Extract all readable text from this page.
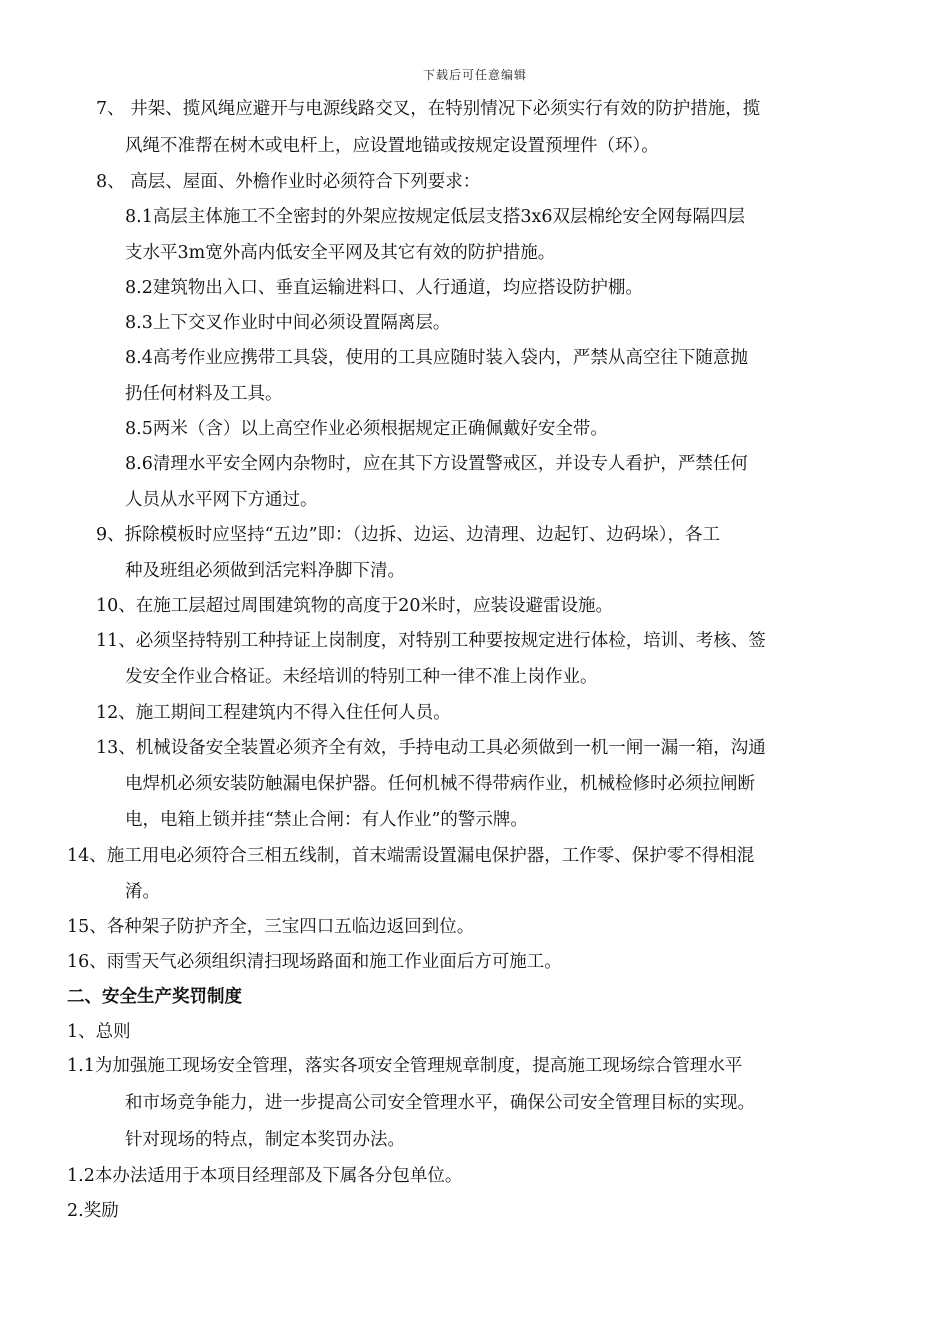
下载后可任意编辑
7、 井架、揽风绳应避开与电源线路交叉，在特别情况下必须实行有效的防护措施，揽
风绳不准帮在树木或电杆上，应设置地锚或按规定设置预埋件（环）。
8、 高层、屋面、外檐作业时必须符合下列要求：
8.1高层主体施工不全密封的外架应按规定低层支搭3x6双层棉纶安全网每隔四层
支水平3m宽外高内低安全平网及其它有效的防护措施。
8.2建筑物出入口、垂直运输进料口、人行通道，均应搭设防护棚。
8.3上下交叉作业时中间必须设置隔离层。
8.4高考作业应携带工具袋，使用的工具应随时装入袋内，严禁从高空往下随意抛
扔任何材料及工具。
8.5两米（含）以上高空作业必须根据规定正确佩戴好安全带。
8.6清理水平安全网内杂物时，应在其下方设置警戒区，并设专人看护，严禁任何
人员从水平网下方通过。
9、拆除模板时应坚持“五边”即：（边拆、边运、边清理、边起钉、边码垛），各工
种及班组必须做到活完料净脚下清。
10、在施工层超过周围建筑物的高度于20米时，应装设避雷设施。
11、必须坚持特别工种持证上岗制度，对特别工种要按规定进行体检，培训、考核、签
发安全作业合格证。未经培训的特别工种一律不准上岗作业。
12、施工期间工程建筑内不得入住任何人员。
13、机械设备安全装置必须齐全有效，手持电动工具必须做到一机一闸一漏一箱，沟通
电焊机必须安装防触漏电保护器。任何机械不得带病作业，机械检修时必须拉闸断
电，电箱上锁并挂“禁止合闸：有人作业”的警示牌。
14、施工用电必须符合三相五线制，首末端需设置漏电保护器，工作零、保护零不得相混
淆。
15、各种架子防护齐全，三宝四口五临边返回到位。
16、雨雪天气必须组织清扫现场路面和施工作业面后方可施工。
二、安全生产奖罚制度
1、总则
1.1为加强施工现场安全管理，落实各项安全管理规章制度，提高施工现场综合管理水平
和市场竞争能力，进一步提高公司安全管理水平，确保公司安全管理目标的实现。
针对现场的特点，制定本奖罚办法。
1.2本办法适用于本项目经理部及下属各分包单位。
2.奖励
